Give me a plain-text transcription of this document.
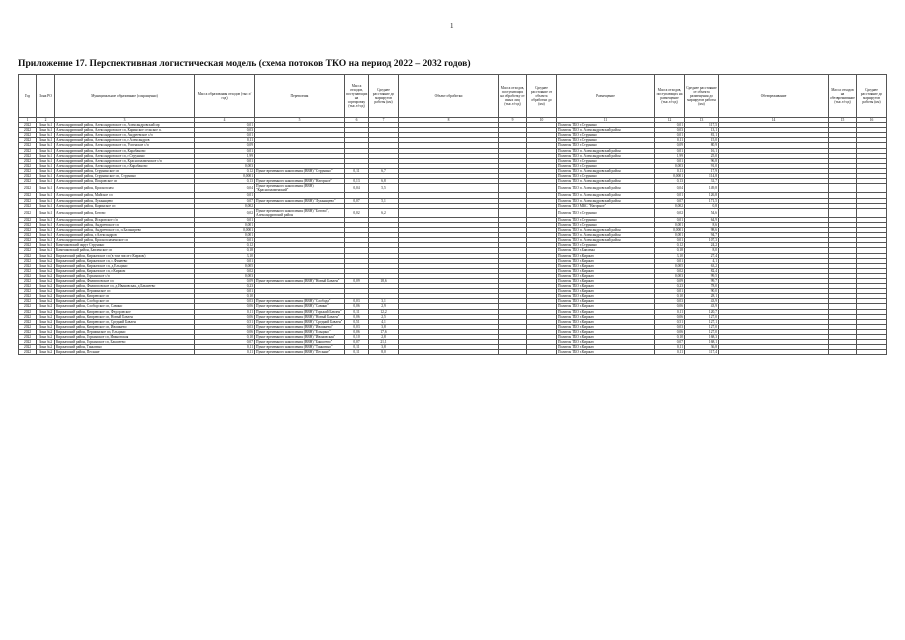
1
Приложение 17. Перспективная логистическая модель (схема потоков ТКО на период 2022 – 2032 годов)
Год	Зона РО	Муниципальное образование (сокращенно)	Масса образования отходов (тыс.т/год)	Перевозчик	Масса отходов, поступающих на сортировку (тыс.т/год)	Среднее расстояние до маршрутов работы (км)	Объект обработки	Масса отходов, поступающих на обработку от иных лиц (тыс.т/год)	Среднее расстояние от объекта обработки до (км)	Размещение	Масса отходов, поступающих на размещение (тыс.т/год)	Среднее расстояние от объекта размещения до маршрутов работы (км)	Обезвреживание	Масса отходов на обезвреживание (тыс.т/год)	Среднее расстояние до маршрутов работы (км)
1	2	3	4	5	6	7	8	9	10	11	12	13	14	15	16
2022	Зона №1	Александровский район, Александровское сп, Александровский мр	0,01							Полигон ТБО г.Струнино	0,01	117,5			
2022	Зона №1	Александровский район, Александровское сп, Каринское сельское п.	0,03							Полигон ТБО п. Александровский район	0,03	13,1			
2022	Зона №1	Александровский район, Александровское сп, Андреевское с/п	0,01							Полигон ТБО г.Струнино	0,01	81,1			
2022	Зона №1	Александровский район, Александровское сп, г.Александров	0,11							Полигон ТБО г.Струнино	0,11	15,0			
2022	Зона №1	Александровский район, Александровское сп, Успенское с/п	0,09							Полигон ТБО г.Струнино	0,09	80,9			
2022	Зона №1	Александровский район, Александровское сп, Карабаново	0,01							Полигон ТБО п. Александровский район	0,01	16,1			
2022	Зона №1	Александровский район, Александровское сп, г.Струнино	1,99							Полигон ТБО п. Александровский район	1,99	25,0			
2022	Зона №1	Александровский район, Александровское сп, Краснопламенское с/п	0,01							Полигон ТБО г.Струнино	0,01	96,8			
2022	Зона №1	Александровский район, Александровское сп, г.Карабаново	0,003							Полигон ТБО г.Струнино	0,003	91,0			
2022	Зона №1	Александровский район, Струнинское сп	0,12	Пункт временного накопления (ВВН) "Струнино"	0,11	6,7				Полигон ТБО п. Александровский район	0,11	17,9			
2022	Зона №1	Александровский район, Струнинское сп, Струнино	0,0001							Полигон ТБО г.Струнино	0,0001	114,8			
2022	Зона №1	Александровский район, Покровское сп	0,13	Пункт временного накопления (ВВН) "Нагорное"	0,13	6,8				Полигон ТБО п. Александровский район	0,13	31,7			
2022	Зона №1	Александровский район, Красноплам	0,04	Пункт временного накопления (ВВН) "Краснопламенский"	0,04	5,5				Полигон ТБО п. Александровский район	0,04	149,8			
2022	Зона №1	Александровский район, Майское сп	0,01							Полигон ТБО п. Александровский район	0,01	126,8			
2022	Зона №1	Александровский район, Лукьянцево	0,07	Пункт временного накопления (ВВН) "Лукьянцево"	0,07	5,1				Полигон ТБО п. Александровский район	0,07	171,5			
2022	Зона №1	Александровский район, Каринское сп	0,002							Полигон ТБО МКС "Нагорное"	0,002	0,8			
2022	Зона №1	Александровский район, Ботово	0,02	Пункт временного накопления (ВВН) "Ботово", Александровский район	0,02	6,2				Полигон ТБО г.Струнино	0,02	54,6			
2022	Зона №1	Александровский район, Искровское с/п	0,01							Полигон ТБО г.Струнино	0,01	64,9			
2022	Зона №1	Александровский район, Андреевское сп	0,001							Полигон ТБО г.Струнино	0,001	8,6			
2022	Зона №1	Александровский район, Андреевское сп, п.Балакирево	0,0001							Полигон ТБО п. Александровский район	0,0001	98,6			
2022	Зона №1	Александровский район, г.Александров	0,001							Полигон ТБО п. Александровский район	0,001	94,7			
2022	Зона №1	Александровский район, Краснопламенское сп	0,01							Полигон ТБО п. Александровский район	0,01	107,3			
2022	Зона №1	Камешковский округ Струнино	0,12							Полигон ТБО г.Струнино	0,12	24,2			
2022	Зона №1	Камешковский район, Бавленское сп	0,18							Полигон ТБО г.Бавлены	0,18	8,0			
2022	Зона №2	Киржачский район, Киржачское сп (в том числе г.Киржач)	3,10							Полигон ТБО г.Киржач	3,10	27,4			
2022	Зона №2	Киржачский район, Киржачское сп, с.Финеево	0,01							Полигон ТБО г.Киржач	0,01	4,1			
2022	Зона №2	Киржачский район, Киржачское сп, д.Ельцино	0,005							Полигон ТБО г.Киржач	0,005	63,2			
2022	Зона №2	Киржачский район, Киржачское сп, г.Киржач	0,02							Полигон ТБО г.Киржач	0,02	82,4			
2022	Зона №2	Киржачский район, Горкинское с/п	0,003							Полигон ТБО г.Киржач	0,003	99,5			
2022	Зона №2	Киржачский район, Филипповское сп	0,09	Пункт временного накопления (ВВН) "Новый Бавлен"	0,09	18,6				Полигон ТБО г.Киржач	0,09	99,7			
2022	Зона №2	Киржачский район, Филипповское сп, д.Ивановская, д.Бакшеево	0,23							Полигон ТБО г.Киржач	0,23	78,0			
2022	Зона №2	Киржачский район, Першинское сп	0,01							Полигон ТБО г.Киржач	0,01	90,0			
2022	Зона №2	Киржачский район, Кипревское сп	0,10							Полигон ТБО г.Киржач	0,10	28,1			
2022	Зона №2	Киржачский район, Слободское сп	0,03	Пункт временного накопления (ВВН) "Слобода"	0,03	3,1				Полигон ТБО г.Киржач	0,03	43,9			
2022	Зона №2	Киржачский район, Слободское сп, Савино	0,06	Пункт временного накопления (ВВН) "Савино"	0,06	2,9				Полигон ТБО г.Киржач	0,06	43,9			
2022	Зона №2	Киржачский район, Кипревское сп, Федоровское	0,11	Пункт временного накопления (ВВН) "Горький Бавлен"	0,11	12,2				Полигон ТБО г.Киржач	0,11	120,7			
2022	Зона №2	Киржачский район, Кипревское сп, Новый Бавлен	0,06	Пункт временного накопления (ВВН) "Новый Бавлен"	0,06	2,5				Полигон ТБО г.Киржач	0,06	127,0			
2022	Зона №2	Киржачский район, Кипревское сп, Средний Бавлен	0,51	Пункт временного накопления (ВВН) "Средний Бавлен"	0,51	4,1				Полигон ТБО г.Киржач	0,51	127,1			
2022	Зона №2	Киржачский район, Кипревское сп, Ивашнево	0,03	Пункт временного накопления (ВВН) "Ивашнево"	0,03	3,8				Полигон ТБО г.Киржач	0,03	127,0			
2022	Зона №2	Киржачский район, Першинское сп, Ельцино	0,06	Пункт временного накопления (ВВН) "Ельцино"	0,06	17,6				Полигон ТБО г.Киржач	0,06	127,0			
2022	Зона №2	Киржачский район, Горкинское сп, Ивановская	0,10	Пункт временного накопления (ВВН) "Ивановская"	0,10	2,8				Полигон ТБО г.Киржач	0,10	168,3			
2022	Зона №2	Киржачский район, Горкинское сп, Бакшеево	0,07	Пункт временного накопления (ВВН) "Бакшеево"	0,07	21,1				Полигон ТБО г.Киржач	0,07	168,1			
2022	Зона №2	Киржачский район, Таныгино	0,11	Пункт временного накопления (ВВН) "Таныгино"	0,11	3,8				Полигон ТБО г.Киржач	0,11	36,8			
2022	Зона №2	Киржачский район, Песьяне	0,11	Пункт временного накопления (ВВН) "Песьяне"	0,11	8,0				Полигон ТБО г.Киржач	0,11	117,4			
